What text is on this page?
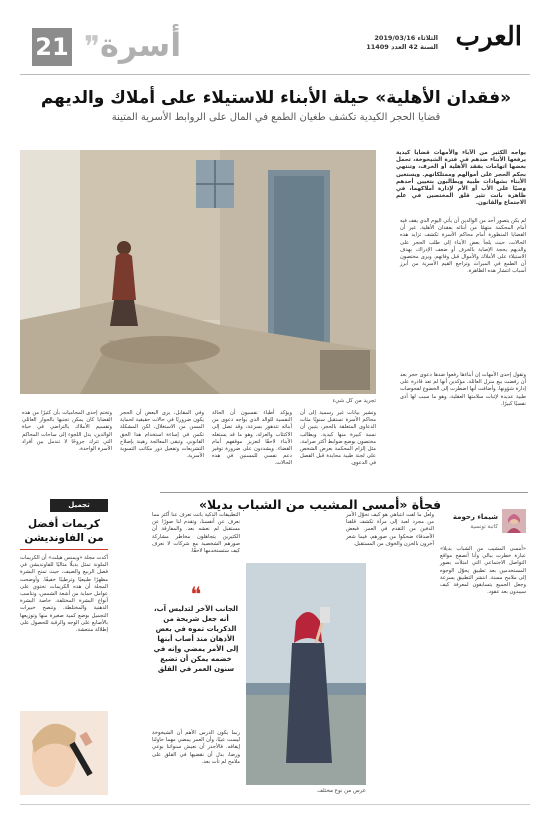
العرب
الثلاثاء 2019/03/16
السنة 42 العدد 11409
❞ أسرة
21
«فقدان الأهلية» حيلة الأبناء للاستيلاء على أملاك والديهم
قضايا الحجر الكيدية تكشف طغيان الطمع في المال على الروابط الأسرية المتينة
يواجه الكثير من الآباء والأمهات قضايا كيدية يرفعها الأبناء ضدهم في فترة الشيخوخة، تحمل بعضها اتهامات بفقد الأهلية أو الخرف، وتنتهي بحكم الحجر على أموالهم وممتلكاتهم. ويستعين الأبناء بشهادات طبية ويطالبون بتعيين أحدهم وصيًا على الأب أو الأم لإدارة أملاكهما، في ظاهرة باتت تثير قلق المختصين في علم الاجتماع والقانون.
لم يكن يتصور أحد من الوالدين أن يأتي اليوم الذي يقف فيه أمام المحكمة متهمًا من أبنائه بفقدان الأهلية. غير أن القضايا المنظورة أمام محاكم الأسرة تكشف تزايد هذه الحالات، حيث يلجأ بعض الأبناء إلى طلب الحجر على والديهم بحجة الإصابة بالخرف أو ضعف الإدراك، بهدف الاستيلاء على الأملاك والأموال قبل وفاتهم. ويرى مختصون أن الطمع في الميراث وتراجع القيم الأسرية من أبرز أسباب انتشار هذه الظاهرة.
وتقول إحدى الأمهات إن أبناءها رفعوا ضدها دعوى حجر بعد أن رفضت بيع منزل العائلة، مؤكدين أنها لم تعد قادرة على إدارة شؤونها. وأضافت أنها اضطرت إلى الخضوع لفحوصات طبية عديدة لإثبات سلامتها العقلية، وهو ما سبب لها أذى نفسيًا كبيرًا.
تجريد من كل شيء
وتشير بيانات غير رسمية إلى أن محاكم الأسرة تستقبل سنويًا مئات الدعاوى المتعلقة بالحجر، يتبين أن نسبة كبيرة منها كيدية. ويطالب مختصون بوضع ضوابط أكثر صرامة، مثل إلزام المحكمة بعرض الشخص على لجنة طبية محايدة قبل الفصل في الدعوى.
ويؤكد أطباء نفسيون أن الحالة النفسية للوالد الذي يواجه دعوى من أبنائه تتدهور بسرعة، وقد تصل إلى الاكتئاب والعزلة، وهو ما قد يستغله الأبناء لاحقًا لتعزيز موقفهم أمام القضاء. ويشددون على ضرورة توفير دعم نفسي للمسنين في هذه الحالات.
وفي المقابل، يرى البعض أن الحجر يكون ضروريًا في حالات حقيقية لحماية المسن من الاستغلال، لكن المشكلة تكمن في إساءة استخدام هذا الحق القانوني. وتبقى المعالجة رهينة بإصلاح التشريعات وتفعيل دور مكاتب التسوية الأسرية.
وتختم إحدى المحاميات بأن كثيرًا من هذه القضايا كان يمكن تجنبها بالحوار العائلي وتقسيم الأملاك بالتراضي في حياة الوالدين، بدل اللجوء إلى ساحات المحاكم التي تترك جروحًا لا تندمل بين أفراد الأسرة الواحدة.
فجأة «أمسى المشيب من الشباب بديلا»
شيماء رحومة
كاتبة تونسية
«أمسى المشيب من الشباب بديلا» عبارة خطرت ببالي وأنا أتصفح مواقع التواصل الاجتماعي التي امتلأت بصور المستخدمين بعد تطبيق يحوّل الوجوه إلى ملامح مسنة. انتشر التطبيق بسرعة وجعل الجميع يتسابقون لمعرفة كيف سيبدون بعد عقود.
ولعل ما لفت انتباهي هو كيف تحوّل الأمر من مجرد لعبة إلى مرآة تكشف قلقنا الدفين من التقدم في العمر. فبعض الأصدقاء ضحكوا من صورهم، فيما شعر آخرون بالحزن والخوف من المستقبل.
عرس من نوع مختلف
التطبيقات الذكية باتت تعرف عنا أكثر مما نعرف عن أنفسنا، وتقدم لنا صورًا عن مستقبل لم نعشه بعد. والمفارقة أن الكثيرين يتجاهلون مخاطر مشاركة صورهم الشخصية مع شركات لا نعرف كيف ستستخدمها لاحقًا.
❝
الجانب الآخر لتدليس آب، أنه جعل شريحة من الذكريات تموه في بعض الأذهان منذ أصاب أبنها إلى الأمر يمضي وإنه في خضمه يمكن أن تضيع سنون العمر في القلق
ربما يكون الدرس الأهم أن الشيخوخة ليست عيبًا، وأن العمر يمضي مهما حاولنا إيقافه. فالأجدر أن نعيش سنواتنا بوعي ورضا، بدل أن نقضيها في القلق على ملامح لم تأت بعد.
تجميل
كريمات أفضل من الفاونديشن
أكدت مجلة «ويمنس هيلث» أن الكريمات الملونة تمثل بديلًا مثاليًا للفاونديشن في فصل الربيع والصيف، حيث تمنح البشرة مظهرًا طبيعيًا وترطيبًا خفيفًا. وأوضحت المجلة أن هذه الكريمات تحتوي على عوامل حماية من أشعة الشمس، وتناسب أنواع البشرة المختلفة، خاصة البشرة الدهنية والمختلطة. وتنصح خبيرات التجميل بوضع كمية صغيرة منها وتوزيعها بالأصابع على الوجه والرقبة للحصول على إطلالة منتعشة.
